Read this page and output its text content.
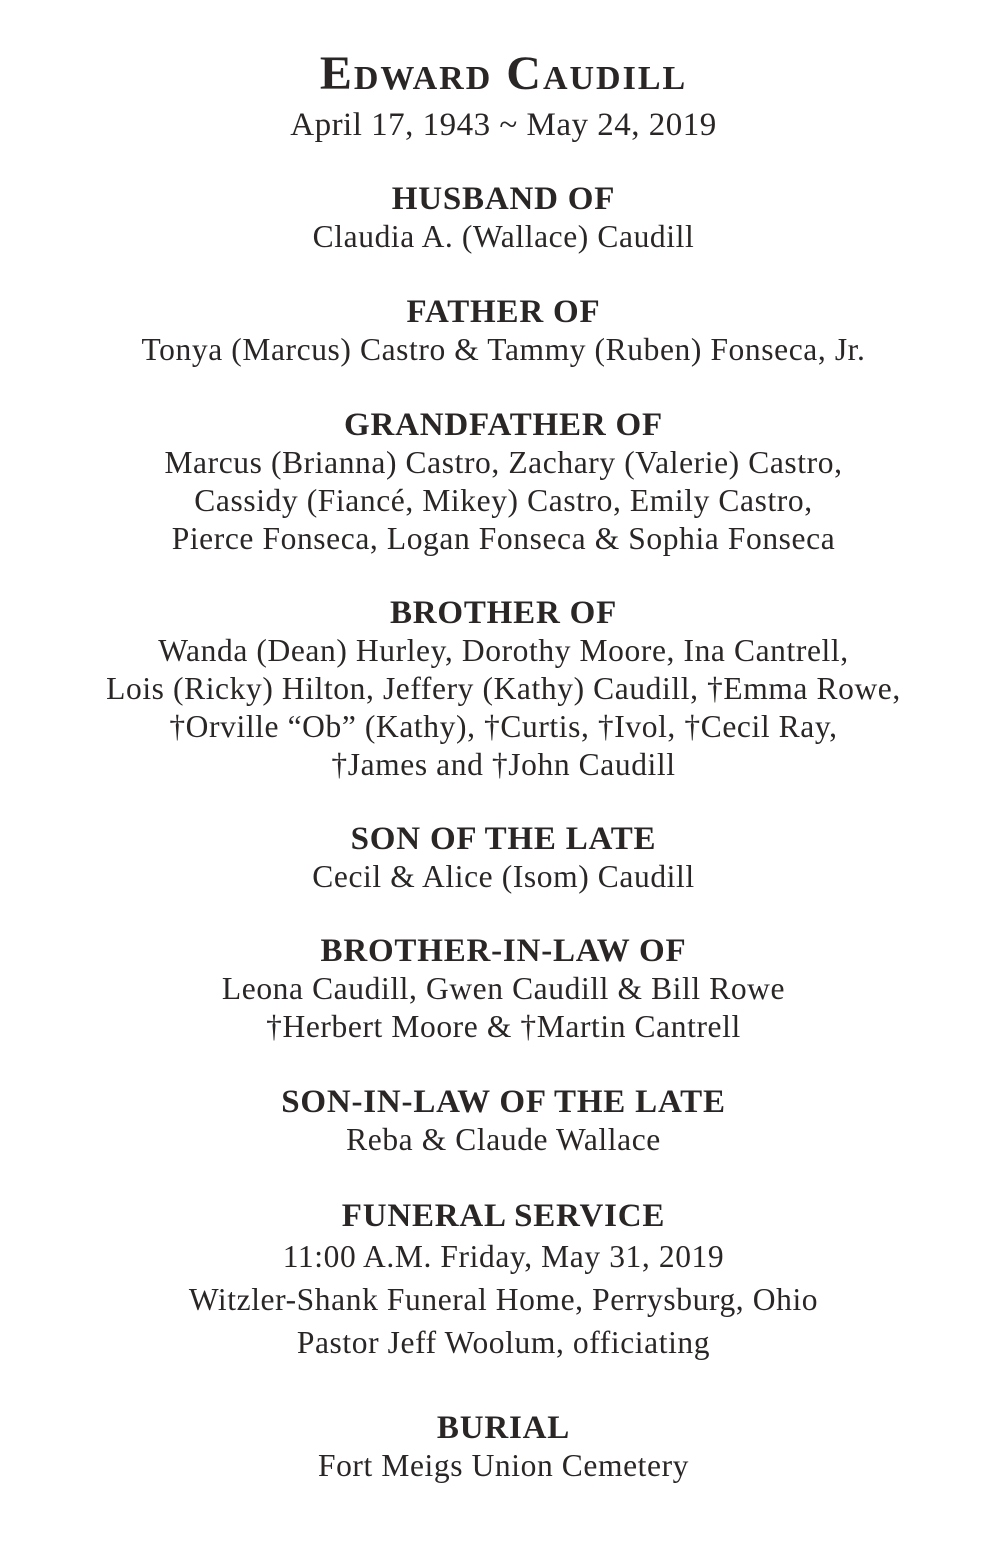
Edward Caudill
April 17, 1943 ~ May 24, 2019
HUSBAND OF
Claudia A. (Wallace) Caudill
FATHER OF
Tonya (Marcus) Castro & Tammy (Ruben) Fonseca, Jr.
GRANDFATHER OF
Marcus (Brianna) Castro, Zachary (Valerie) Castro,
Cassidy (Fiancé, Mikey) Castro, Emily Castro,
Pierce Fonseca, Logan Fonseca & Sophia Fonseca
BROTHER OF
Wanda (Dean) Hurley, Dorothy Moore, Ina Cantrell,
Lois (Ricky) Hilton, Jeffery (Kathy) Caudill, †Emma Rowe,
†Orville “Ob” (Kathy), †Curtis, †Ivol, †Cecil Ray,
†James and †John Caudill
SON OF THE LATE
Cecil & Alice (Isom) Caudill
BROTHER-IN-LAW OF
Leona Caudill, Gwen Caudill & Bill Rowe
†Herbert Moore & †Martin Cantrell
SON-IN-LAW OF THE LATE
Reba & Claude Wallace
FUNERAL SERVICE
11:00 A.M. Friday, May 31, 2019
Witzler-Shank Funeral Home, Perrysburg, Ohio
Pastor Jeff Woolum, officiating
BURIAL
Fort Meigs Union Cemetery
